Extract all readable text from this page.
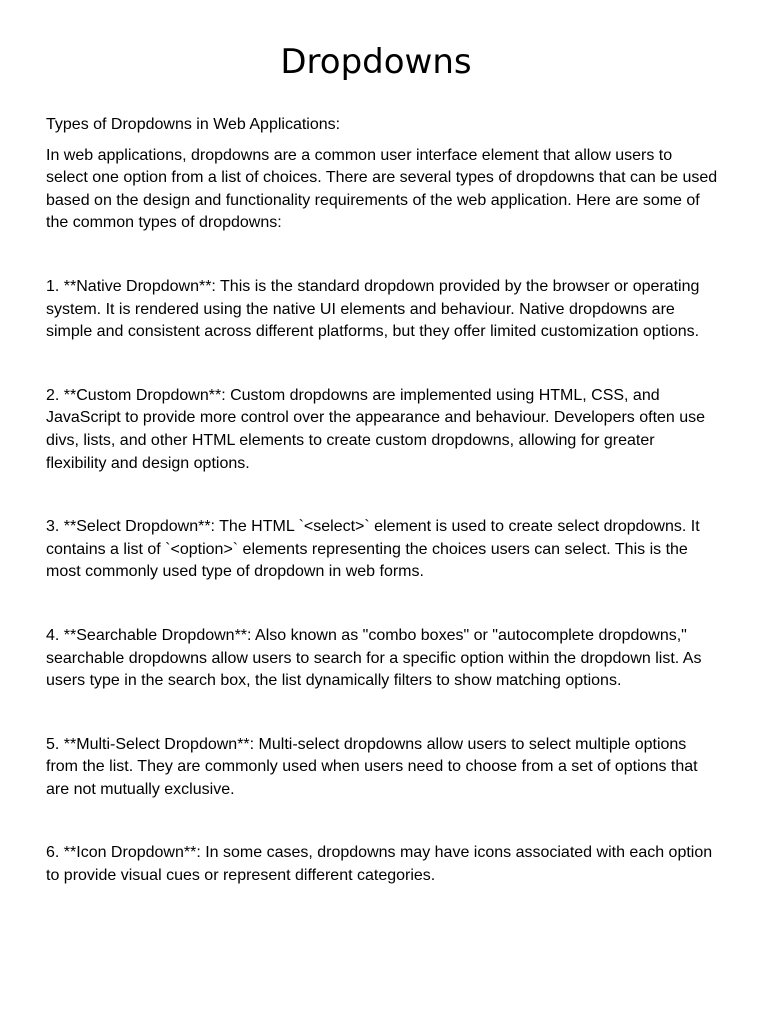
Dropdowns

Types of Dropdowns in Web Applications:

In web applications, dropdowns are a common user interface element that allow users to select one option from a list of choices. There are several types of dropdowns that can be used based on the design and functionality requirements of the web application. Here are some of the common types of dropdowns:

1. **Native Dropdown**: This is the standard dropdown provided by the browser or operating system. It is rendered using the native UI elements and behaviour. Native dropdowns are simple and consistent across different platforms, but they offer limited customization options.

2. **Custom Dropdown**: Custom dropdowns are implemented using HTML, CSS, and JavaScript to provide more control over the appearance and behaviour. Developers often use divs, lists, and other HTML elements to create custom dropdowns, allowing for greater flexibility and design options.

3. **Select Dropdown**: The HTML `<select>` element is used to create select dropdowns. It contains a list of `<option>` elements representing the choices users can select. This is the most commonly used type of dropdown in web forms.

4. **Searchable Dropdown**: Also known as "combo boxes" or "autocomplete dropdowns," searchable dropdowns allow users to search for a specific option within the dropdown list. As users type in the search box, the list dynamically filters to show matching options.

5. **Multi-Select Dropdown**: Multi-select dropdowns allow users to select multiple options from the list. They are commonly used when users need to choose from a set of options that are not mutually exclusive.

6. **Icon Dropdown**: In some cases, dropdowns may have icons associated with each option to provide visual cues or represent different categories.
